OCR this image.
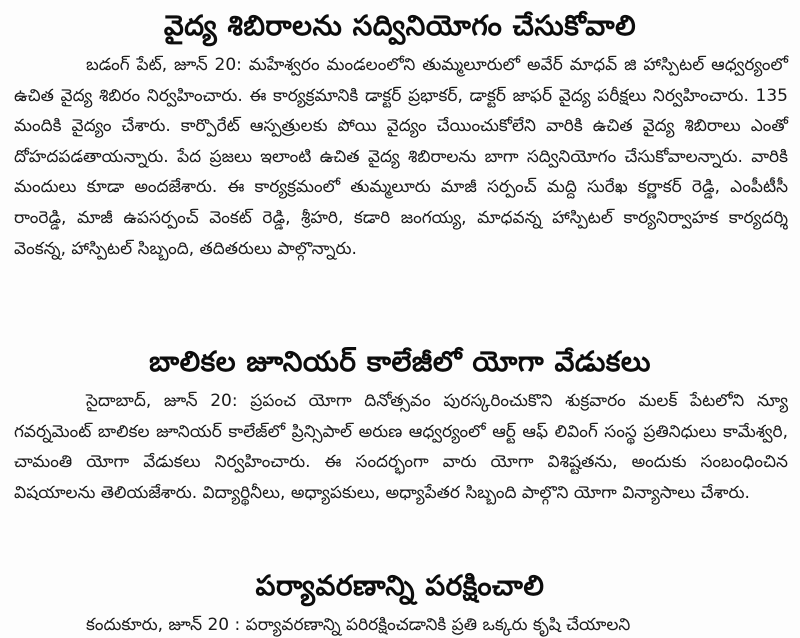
వైద్య శిబిరాలను సద్వినియోగం చేసుకోవాలి

బడంగ్ పేట్, జూన్ 20: మహేశ్వరం మండలంలోని తుమ్మలూరులో అవేర్ మాధవ్ జి హాస్పిటల్ ఆధ్వర్యంలో ఉచిత వైద్య శిబిరం నిర్వహించారు. ఈ కార్యక్రమానికి డాక్టర్ ప్రభాకర్, డాక్టర్ జాఫర్ వైద్య పరీక్షలు నిర్వహించారు. 135 మందికి వైద్యం చేశారు. కార్పొరేట్ ఆస్పత్రులకు పోయి వైద్యం చేయించుకోలేని వారికి ఉచిత వైద్య శిబిరాలు ఎంతో దోహదపడతాయన్నారు. పేద ప్రజలు ఇలాంటి ఉచిత వైద్య శిబిరాలను బాగా సద్వినియోగం చేసుకోవాలన్నారు. వారికి మందులు కూడా అందజేశారు. ఈ కార్యక్రమంలో తుమ్మలూరు మాజీ సర్పంచ్ మద్ది సురేఖ కర్ణాకర్ రెడ్డి, ఎంపీటీసీ రాంరెడ్డి, మాజీ ఉపసర్పంచ్ వెంకట్ రెడ్డి, శ్రీహరి, కడారి జంగయ్య, మాధవన్న హాస్పిటల్ కార్యనిర్వాహక కార్యదర్శి వెంకన్న, హాస్పిటల్ సిబ్బంది, తదితరులు పాల్గొన్నారు.

బాలికల జూనియర్ కాలేజీలో యోగా వేడుకలు

సైదాబాద్, జూన్ 20: ప్రపంచ యోగా దినోత్సవం పురస్కరించుకొని శుక్రవారం మలక్ పేటలోని న్యూ గవర్నమెంట్ బాలికల జూనియర్ కాలేజ్‌లో ప్రిన్సిపాల్ అరుణ ఆధ్వర్యంలో ఆర్ట్ ఆఫ్ లివింగ్ సంస్థ ప్రతినిధులు కామేశ్వరి, చామంతి యోగా వేడుకలు నిర్వహించారు. ఈ సందర్భంగా వారు యోగా విశిష్టతను, అందుకు సంబంధించిన విషయాలను తెలియజేశారు. విద్యార్థినీలు, అధ్యాపకులు, అధ్యాపేతర సిబ్బంది పాల్గొని యోగా విన్యాసాలు చేశారు.

పర్యావరణాన్ని పరక్షించాలి

కందుకూరు, జూన్ 20 : పర్యావరణాన్ని పరిరక్షించడానికి ప్రతి ఒక్కరు కృషి చేయాలని
